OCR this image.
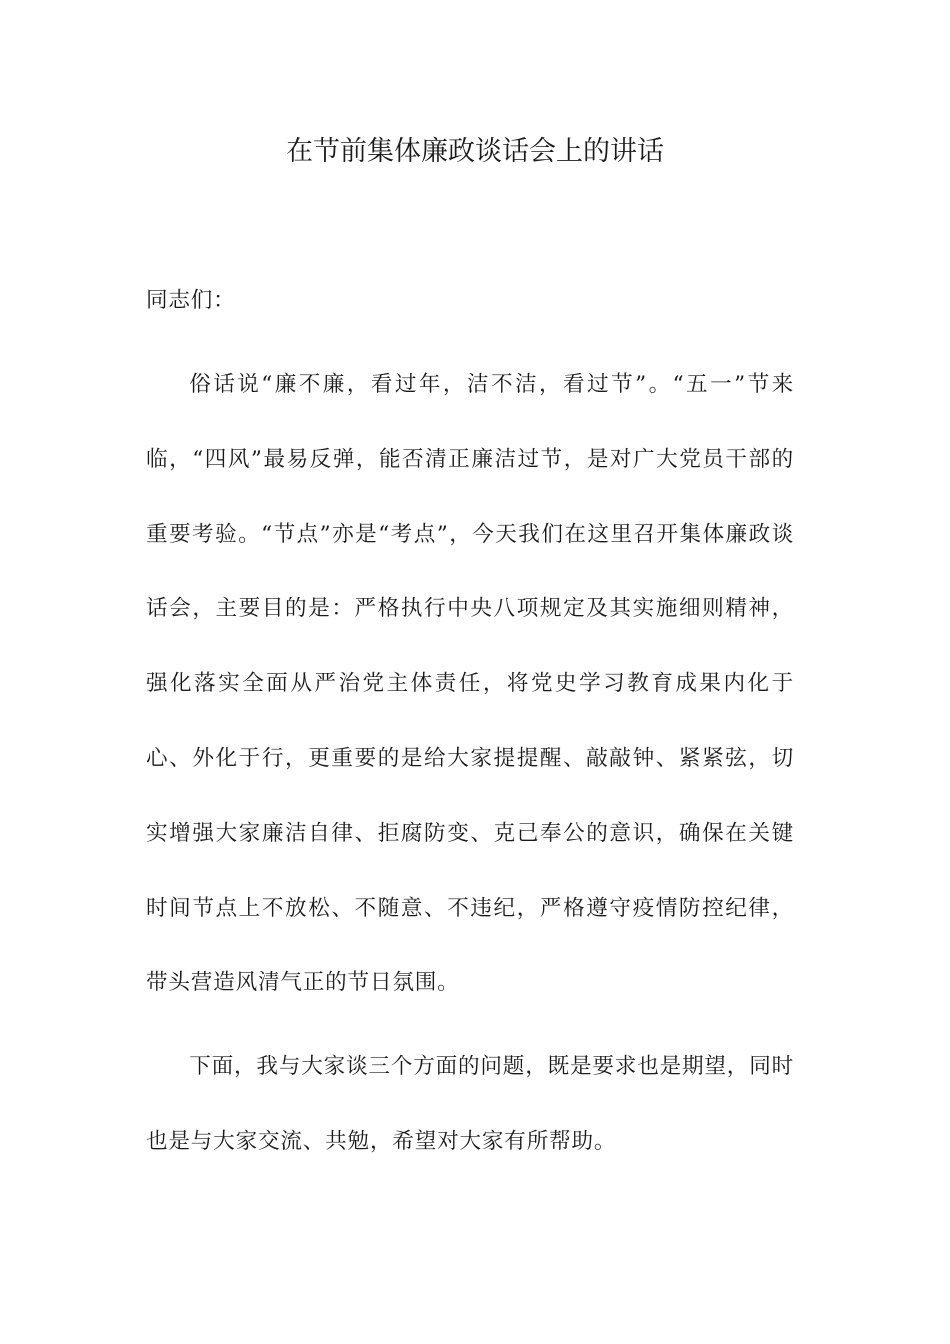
在节前集体廉政谈话会上的讲话

同志们：

俗话说“廉不廉，看过年，洁不洁，看过节”。“五一”节来临，“四风”最易反弹，能否清正廉洁过节，是对广大党员干部的重要考验。“节点”亦是“考点”，今天我们在这里召开集体廉政谈话会，主要目的是：严格执行中央八项规定及其实施细则精神，强化落实全面从严治党主体责任，将党史学习教育成果内化于心、外化于行，更重要的是给大家提提醒、敲敲钟、紧紧弦，切实增强大家廉洁自律、拒腐防变、克己奉公的意识，确保在关键时间节点上不放松、不随意、不违纪，严格遵守疫情防控纪律，带头营造风清气正的节日氛围。

下面，我与大家谈三个方面的问题，既是要求也是期望，同时也是与大家交流、共勉，希望对大家有所帮助。
